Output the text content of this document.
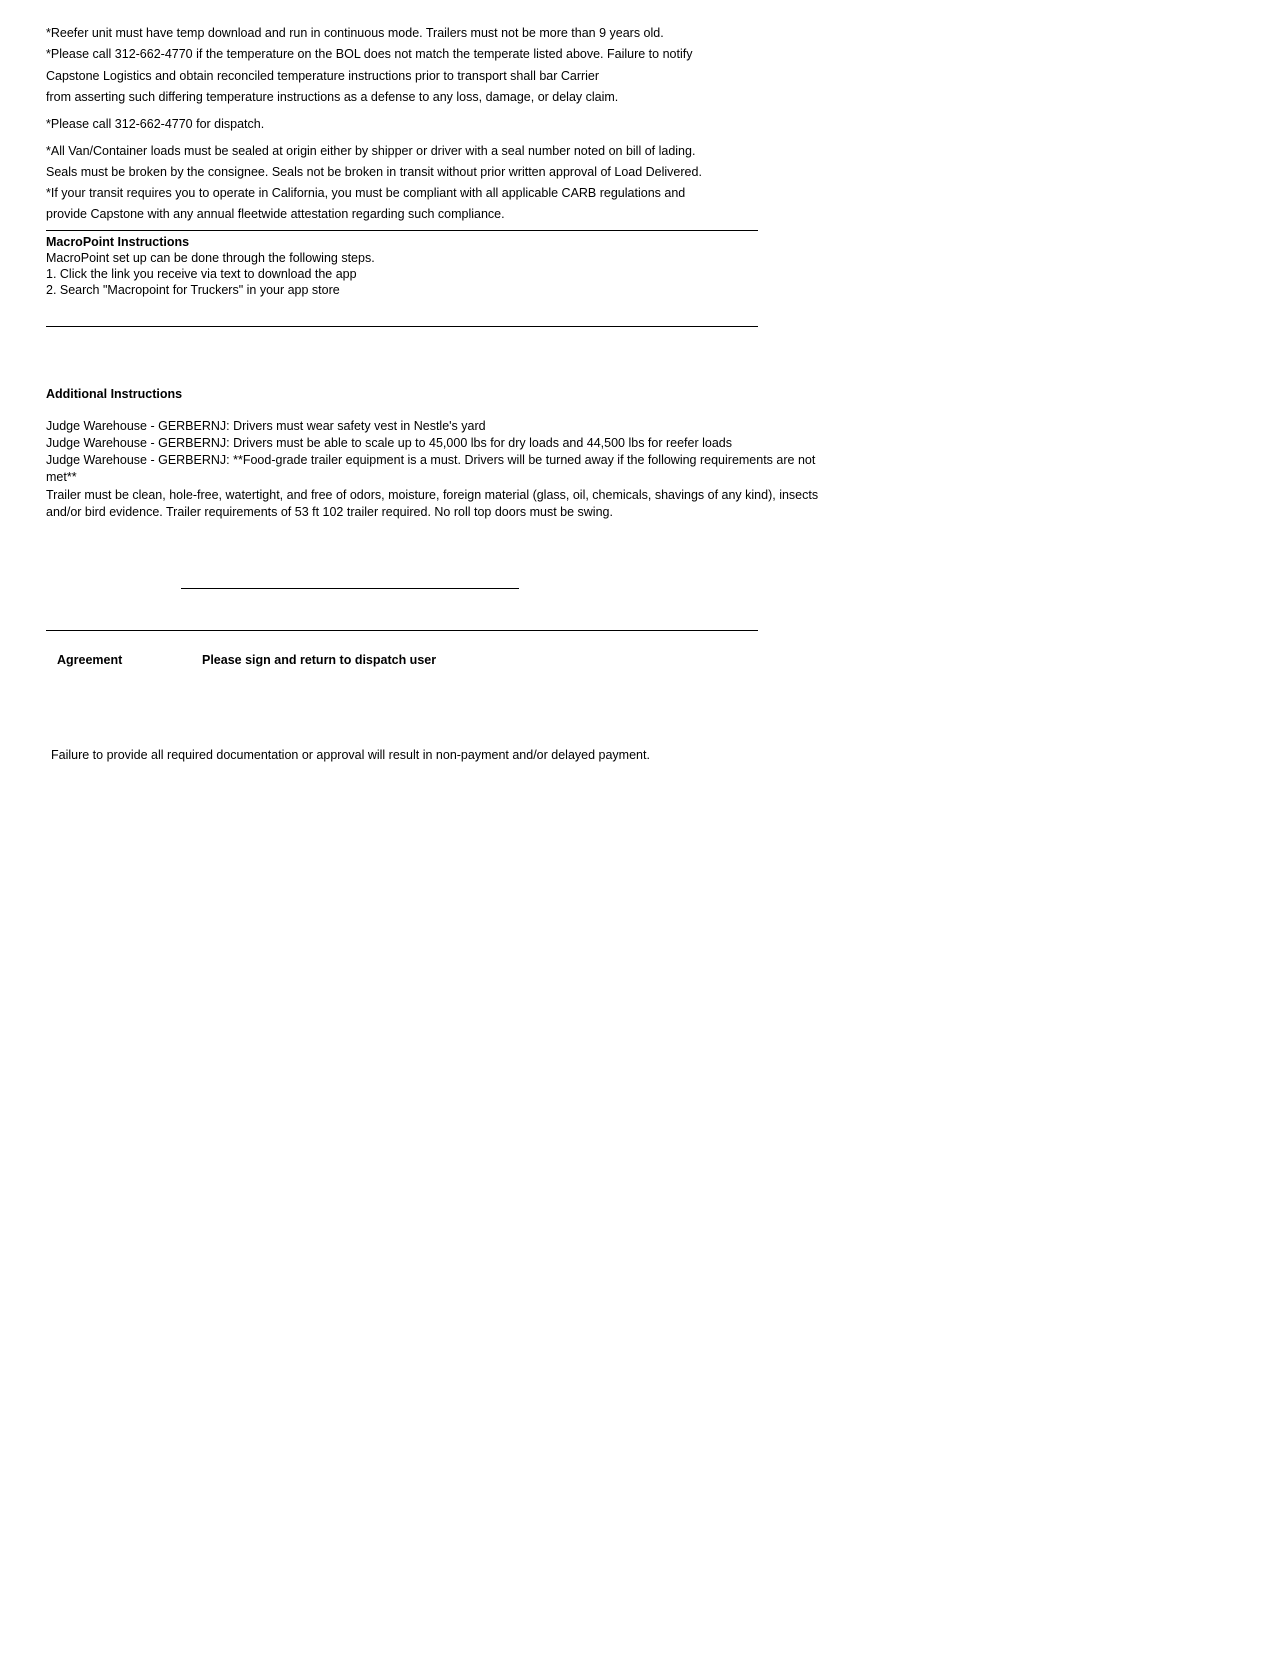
*Reefer unit must have temp download and run in continuous mode. Trailers must not be more than 9 years old.
*Please call 312-662-4770 if the temperature on the BOL does not match the temperate listed above. Failure to notify
Capstone Logistics and obtain reconciled temperature instructions prior to transport shall bar Carrier
from asserting such differing temperature instructions as a defense to any loss, damage, or delay claim.
*Please call 312-662-4770 for dispatch.
*All Van/Container loads must be sealed at origin either by shipper or driver with a seal number noted on bill of lading.
Seals must be broken by the consignee. Seals not be broken in transit without prior written approval of Load Delivered.
*If your transit requires you to operate in California, you must be compliant with all applicable CARB regulations and
provide Capstone with any annual fleetwide attestation regarding such compliance.
MacroPoint Instructions
MacroPoint set up can be done through the following steps.
1. Click the link you receive via text to download the app
2. Search "Macropoint for Truckers" in your app store
Additional Instructions
Judge Warehouse - GERBERNJ: Drivers must wear safety vest in Nestle's yard
Judge Warehouse - GERBERNJ: Drivers must be able to scale up to 45,000 lbs for dry loads and 44,500 lbs for reefer loads
Judge Warehouse - GERBERNJ: **Food-grade trailer equipment is a must. Drivers will be turned away if the following requirements are not
met**
Trailer must be clean, hole-free, watertight, and free of odors, moisture, foreign material (glass, oil, chemicals, shavings of any kind), insects
and/or bird evidence. Trailer requirements of 53 ft 102 trailer required. No roll top doors must be swing.
Agreement	Please sign and return to dispatch user
Failure to provide all required documentation or approval will result in non-payment and/or delayed payment.
